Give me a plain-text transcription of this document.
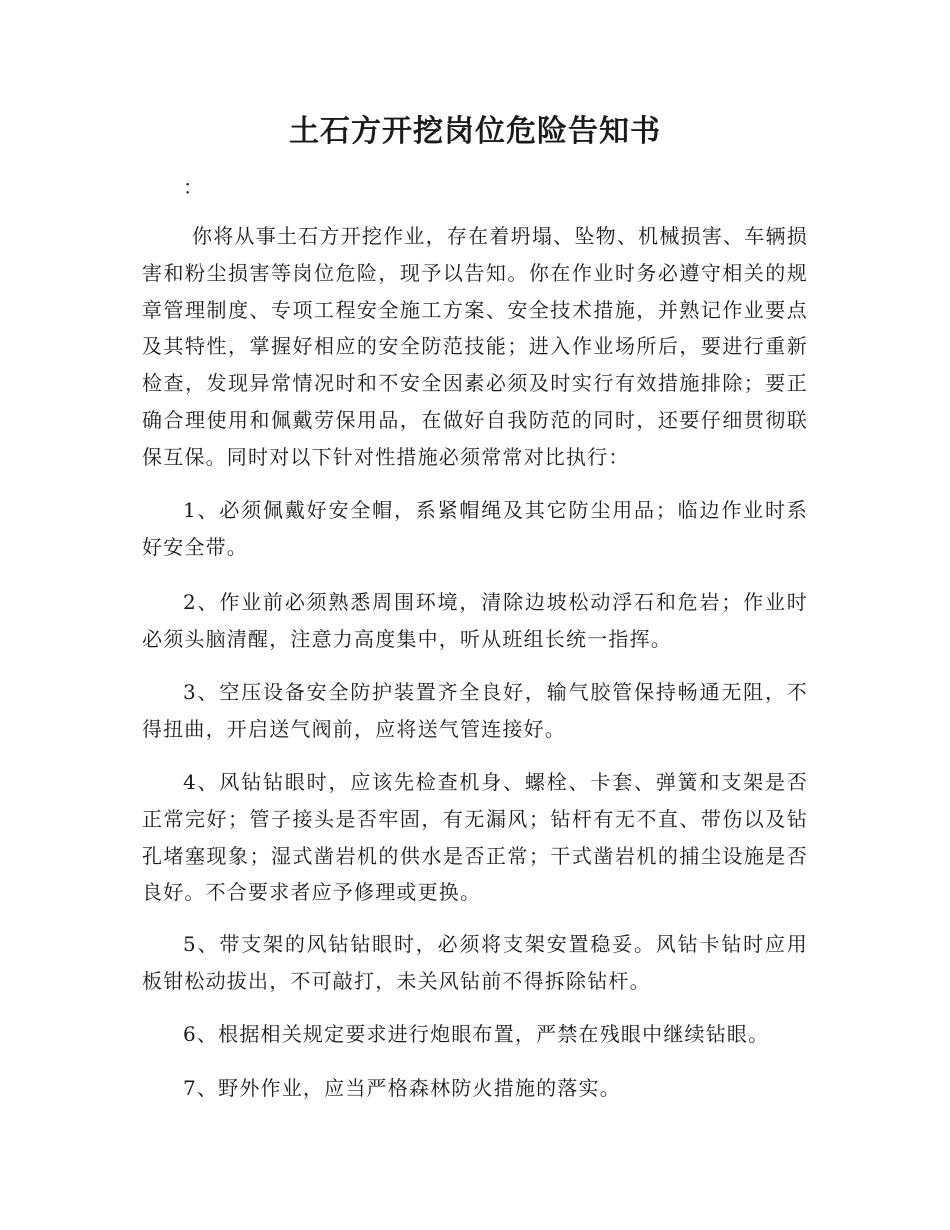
土石方开挖岗位危险告知书

：

你将从事土石方开挖作业，存在着坍塌、坠物、机械损害、车辆损害和粉尘损害等岗位危险，现予以告知。你在作业时务必遵守相关的规章管理制度、专项工程安全施工方案、安全技术措施，并熟记作业要点及其特性，掌握好相应的安全防范技能；进入作业场所后，要进行重新检查，发现异常情况时和不安全因素必须及时实行有效措施排除；要正确合理使用和佩戴劳保用品，在做好自我防范的同时，还要仔细贯彻联保互保。同时对以下针对性措施必须常常对比执行：

1、必须佩戴好安全帽，系紧帽绳及其它防尘用品；临边作业时系好安全带。

2、作业前必须熟悉周围环境，清除边坡松动浮石和危岩；作业时必须头脑清醒，注意力高度集中，听从班组长统一指挥。

3、空压设备安全防护装置齐全良好，输气胶管保持畅通无阻，不得扭曲，开启送气阀前，应将送气管连接好。

4、风钻钻眼时，应该先检查机身、螺栓、卡套、弹簧和支架是否正常完好；管子接头是否牢固，有无漏风；钻杆有无不直、带伤以及钻孔堵塞现象；湿式凿岩机的供水是否正常；干式凿岩机的捕尘设施是否良好。不合要求者应予修理或更换。

5、带支架的风钻钻眼时，必须将支架安置稳妥。风钻卡钻时应用板钳松动拔出，不可敲打，未关风钻前不得拆除钻杆。

6、根据相关规定要求进行炮眼布置，严禁在残眼中继续钻眼。

7、野外作业，应当严格森林防火措施的落实。
